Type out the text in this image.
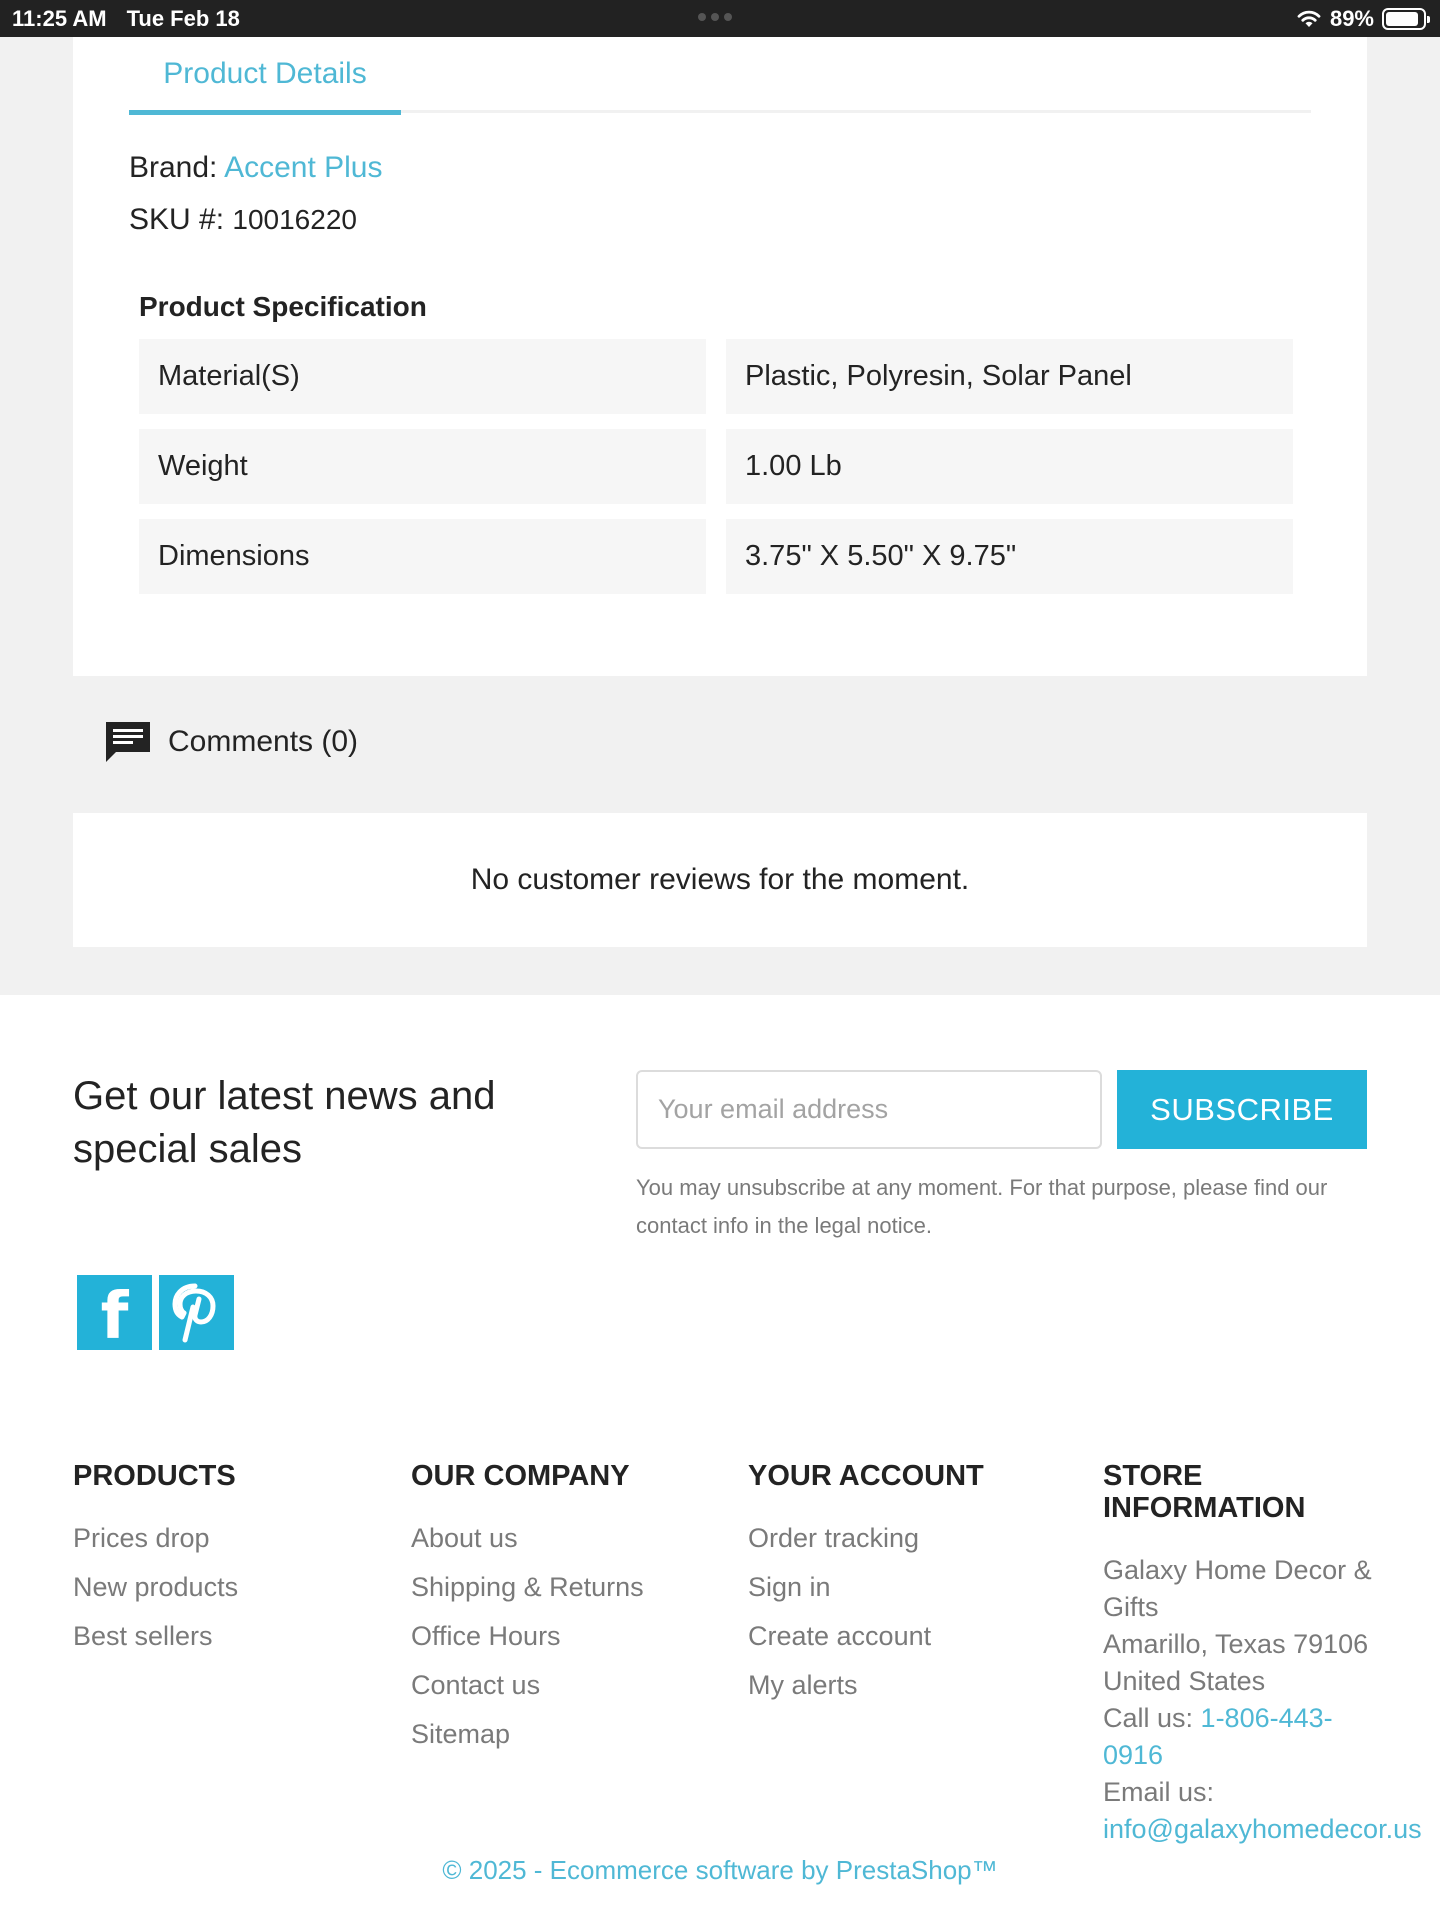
11:25 AM Tue Feb 18	89%
Product Details
Brand: Accent Plus
SKU #: 10016220
Product Specification
Material(S)	Plastic, Polyresin, Solar Panel
Weight	1.00 Lb
Dimensions	3.75" X 5.50" X 9.75"
Comments (0)
No customer reviews for the moment.
Get our latest news and special sales
Your email address
SUBSCRIBE
You may unsubscribe at any moment. For that purpose, please find our contact info in the legal notice.
f
PRODUCTS
Prices drop
New products
Best sellers
OUR COMPANY
About us
Shipping & Returns
Office Hours
Contact us
Sitemap
YOUR ACCOUNT
Order tracking
Sign in
Create account
My alerts
STORE
INFORMATION
Galaxy Home Decor &
Gifts
Amarillo, Texas 79106
United States
Call us: 1-806-443-
0916
Email us:
info@galaxyhomedecor.us
© 2025 - Ecommerce software by PrestaShop™
